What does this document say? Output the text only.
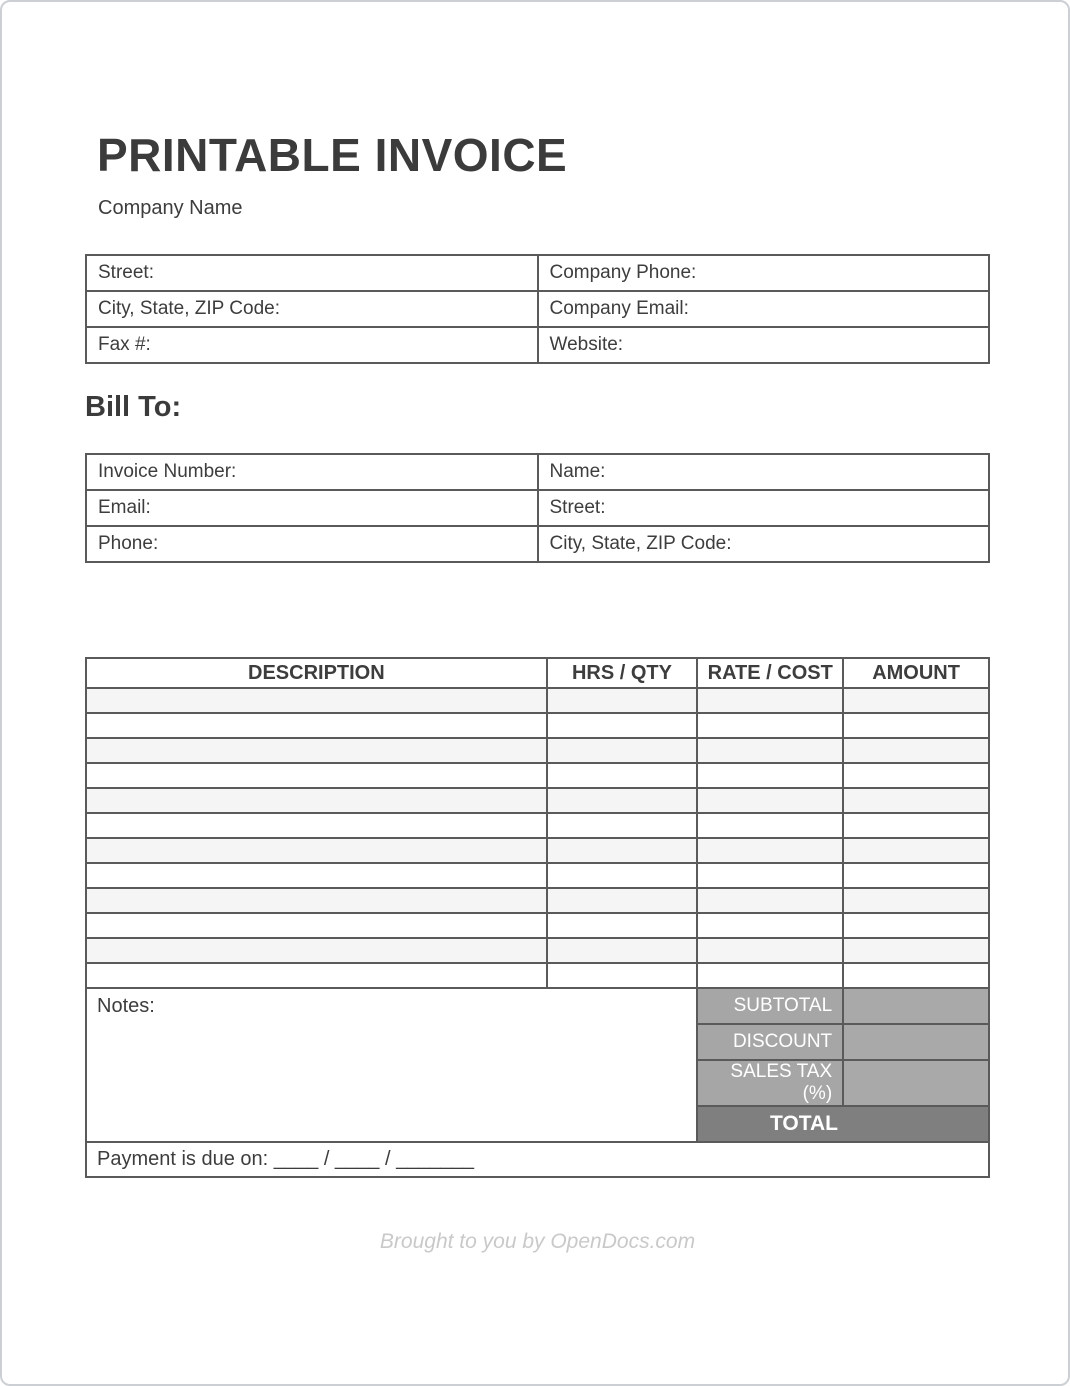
PRINTABLE INVOICE
Company Name
Street:	Company Phone:
City, State, ZIP Code:	Company Email:
Fax #:	Website:
Bill To:
Invoice Number:	Name:
Email:	Street:
Phone:	City, State, ZIP Code:
DESCRIPTION	HRS / QTY	RATE / COST	AMOUNT

Notes:		SUBTOTAL	
		DISCOUNT	
		SALES TAX (%)	
		TOTAL	
Payment is due on: ____ / ____ / _______			
Brought to you by OpenDocs.com
